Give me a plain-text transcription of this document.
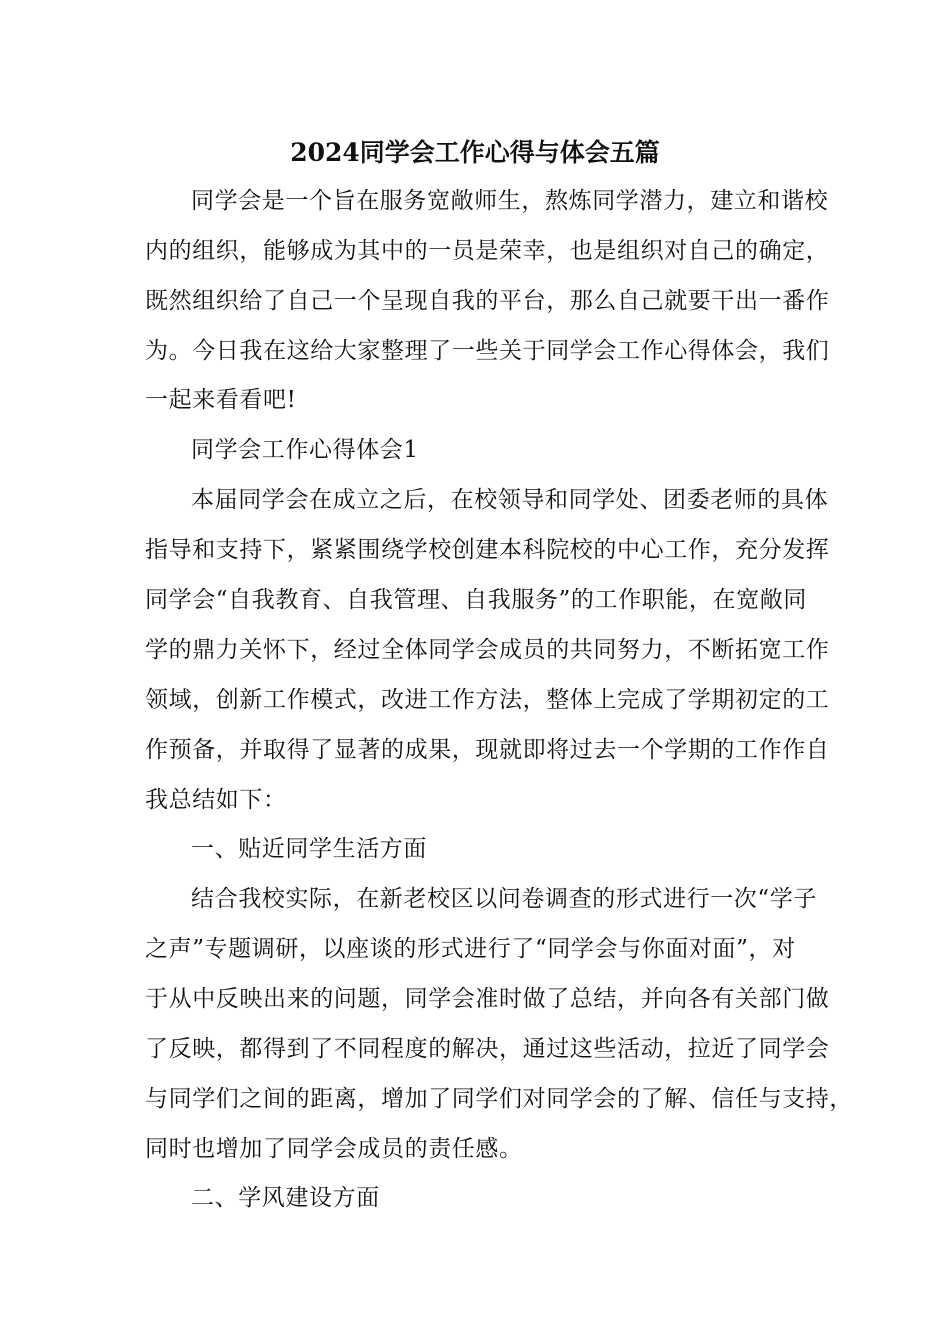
2024同学会工作心得与体会五篇
同学会是一个旨在服务宽敞师生，熬炼同学潜力，建立和谐校
内的组织，能够成为其中的一员是荣幸，也是组织对自己的确定，
既然组织给了自己一个呈现自我的平台，那么自己就要干出一番作
为。今日我在这给大家整理了一些关于同学会工作心得体会，我们
一起来看看吧!
同学会工作心得体会1
本届同学会在成立之后，在校领导和同学处、团委老师的具体
指导和支持下，紧紧围绕学校创建本科院校的中心工作，充分发挥
同学会“自我教育、自我管理、自我服务”的工作职能，在宽敞同
学的鼎力关怀下，经过全体同学会成员的共同努力，不断拓宽工作
领域，创新工作模式，改进工作方法，整体上完成了学期初定的工
作预备，并取得了显著的成果，现就即将过去一个学期的工作作自
我总结如下：
一、贴近同学生活方面
结合我校实际，在新老校区以问卷调查的形式进行一次“学子
之声”专题调研，以座谈的形式进行了“同学会与你面对面”，对
于从中反映出来的问题，同学会准时做了总结，并向各有关部门做
了反映，都得到了不同程度的解决，通过这些活动，拉近了同学会
与同学们之间的距离，增加了同学们对同学会的了解、信任与支持，
同时也增加了同学会成员的责任感。
二、学风建设方面
